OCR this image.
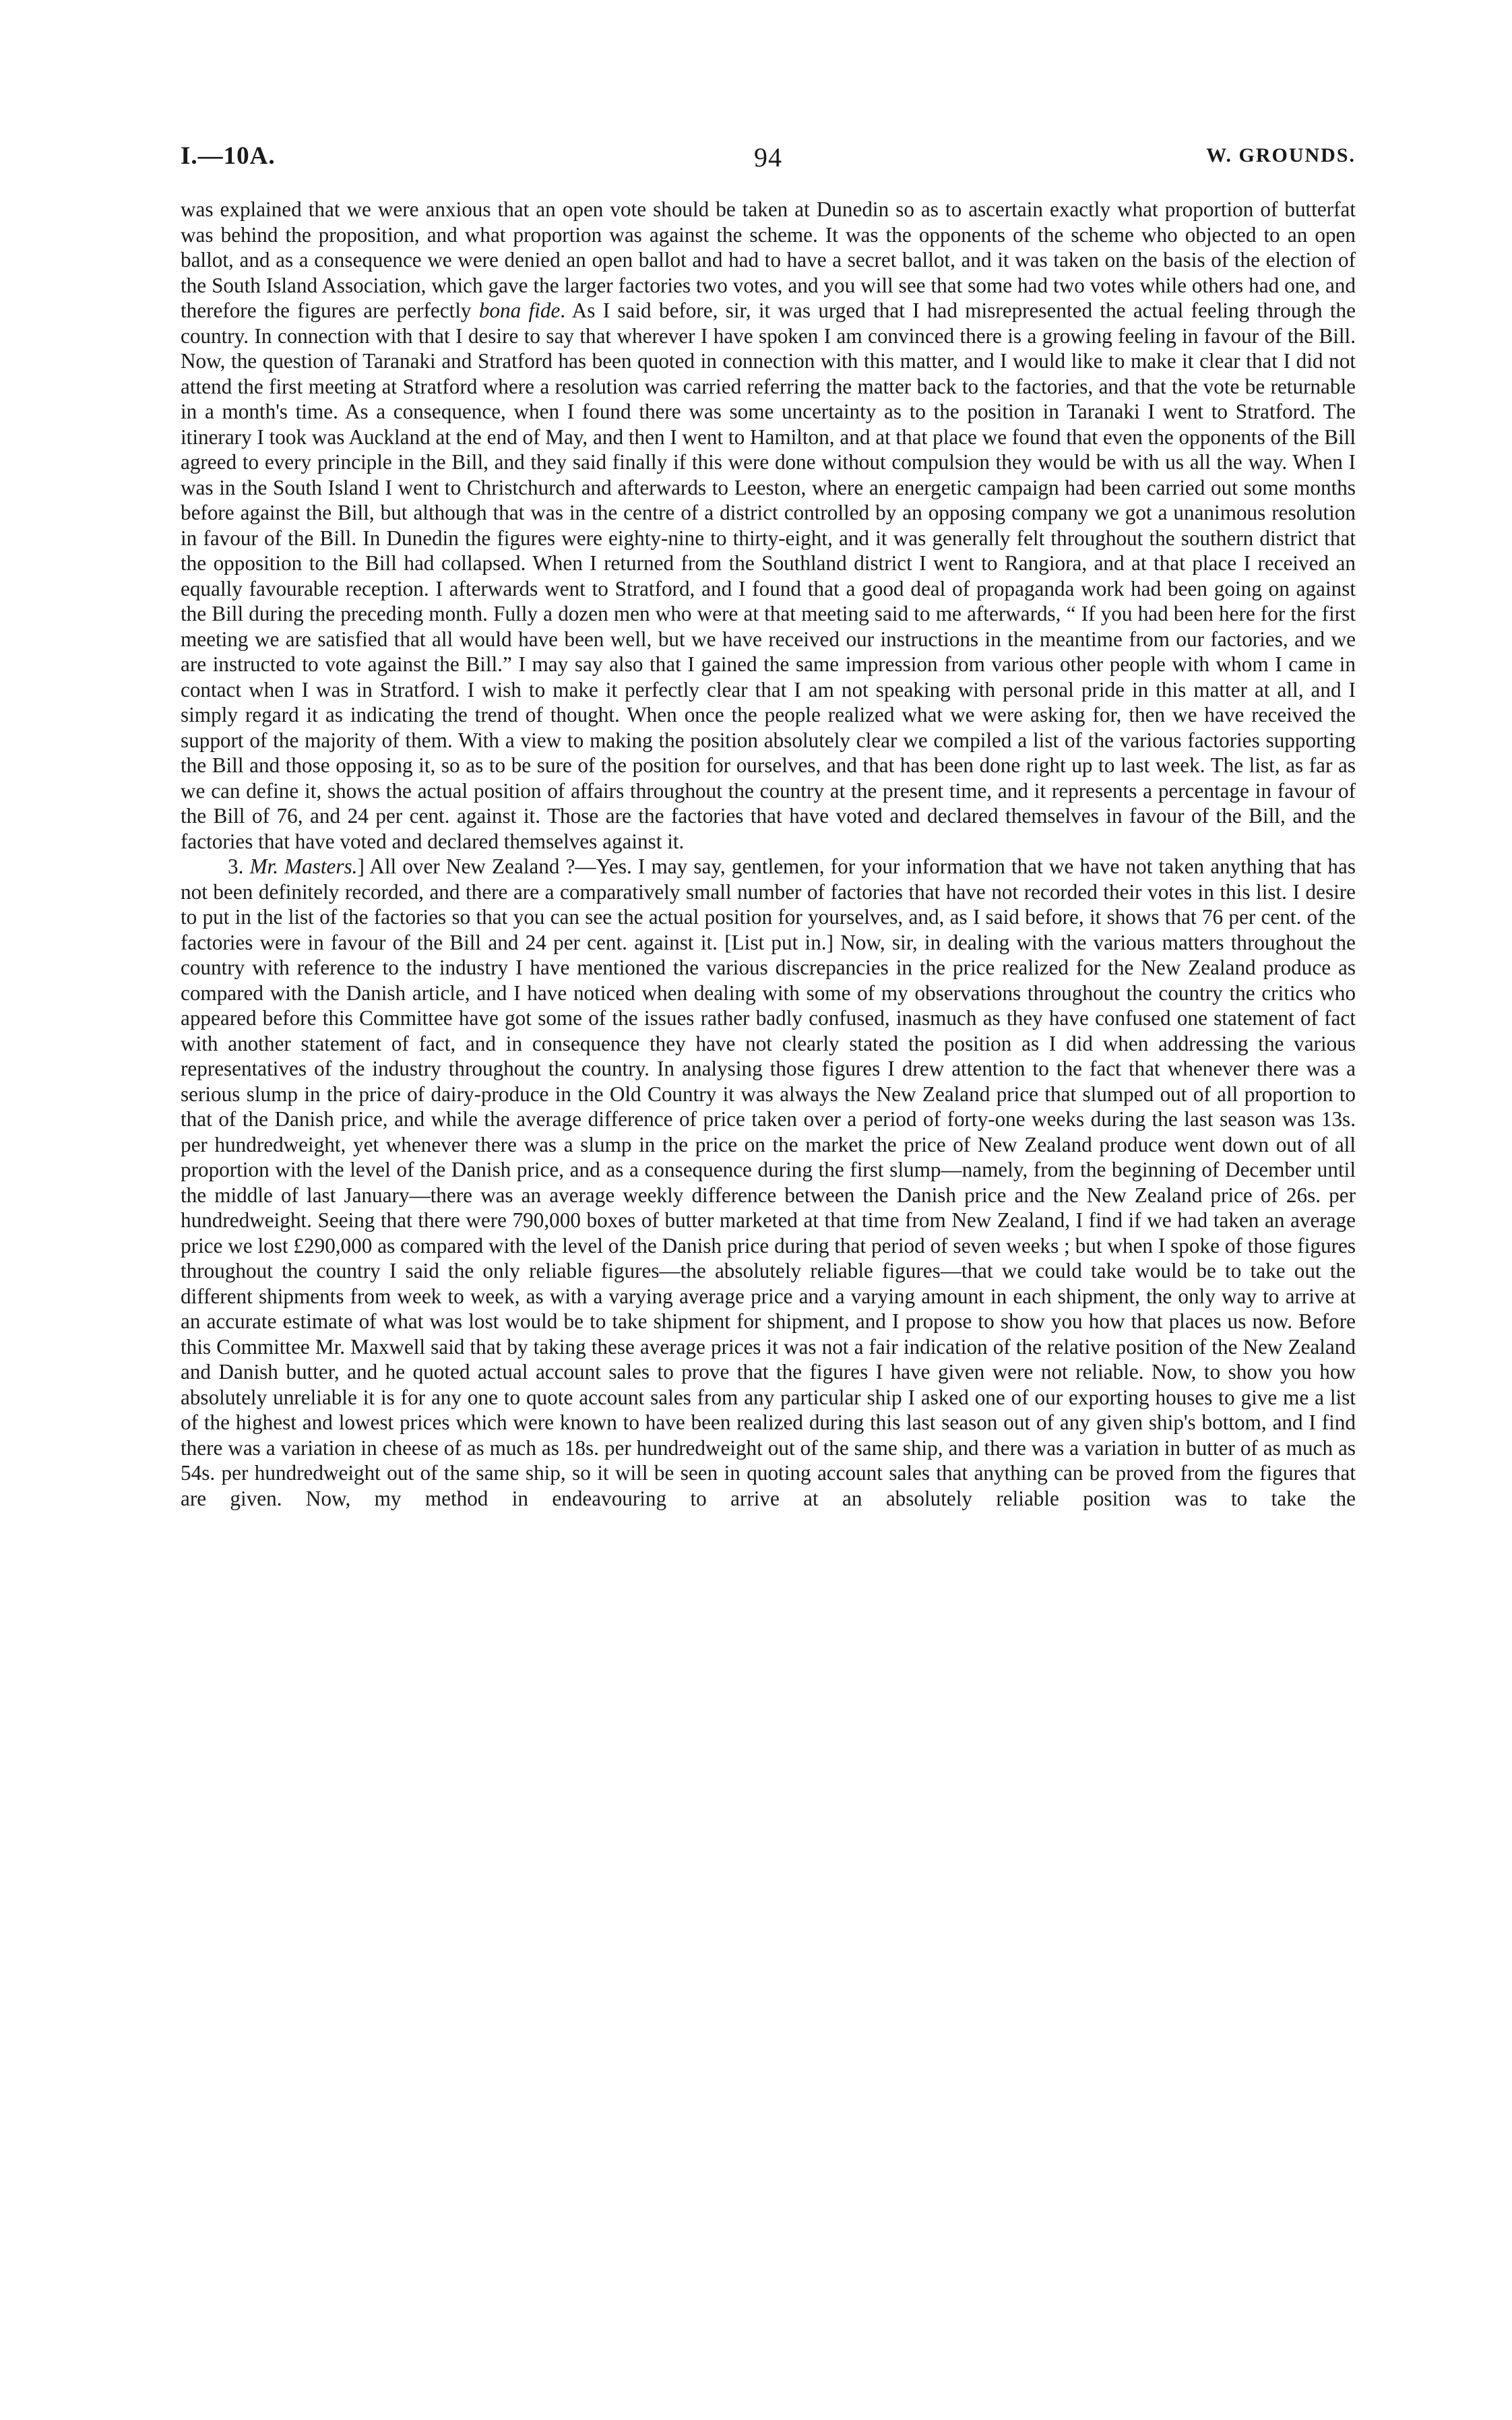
I.—10A.	94	W. GROUNDS.

was explained that we were anxious that an open vote should be taken at Dunedin so as to ascertain exactly what proportion of butterfat was behind the proposition, and what proportion was against the scheme. It was the opponents of the scheme who objected to an open ballot, and as a consequence we were denied an open ballot and had to have a secret ballot, and it was taken on the basis of the election of the South Island Association, which gave the larger factories two votes, and you will see that some had two votes while others had one, and therefore the figures are perfectly bona fide. As I said before, sir, it was urged that I had misrepresented the actual feeling through the country. In connection with that I desire to say that wherever I have spoken I am convinced there is a growing feeling in favour of the Bill. Now, the question of Taranaki and Stratford has been quoted in connection with this matter, and I would like to make it clear that I did not attend the first meeting at Stratford where a resolution was carried referring the matter back to the factories, and that the vote be returnable in a month's time. As a consequence, when I found there was some uncertainty as to the position in Taranaki I went to Stratford. The itinerary I took was Auckland at the end of May, and then I went to Hamilton, and at that place we found that even the opponents of the Bill agreed to every principle in the Bill, and they said finally if this were done without compulsion they would be with us all the way. When I was in the South Island I went to Christchurch and afterwards to Leeston, where an energetic campaign had been carried out some months before against the Bill, but although that was in the centre of a district controlled by an opposing company we got a unanimous resolution in favour of the Bill. In Dunedin the figures were eighty-nine to thirty-eight, and it was generally felt throughout the southern district that the opposition to the Bill had collapsed. When I returned from the Southland district I went to Rangiora, and at that place I received an equally favourable reception. I afterwards went to Stratford, and I found that a good deal of propaganda work had been going on against the Bill during the preceding month. Fully a dozen men who were at that meeting said to me afterwards, “ If you had been here for the first meeting we are satisfied that all would have been well, but we have received our instructions in the meantime from our factories, and we are instructed to vote against the Bill.” I may say also that I gained the same impression from various other people with whom I came in contact when I was in Stratford. I wish to make it perfectly clear that I am not speaking with personal pride in this matter at all, and I simply regard it as indicating the trend of thought. When once the people realized what we were asking for, then we have received the support of the majority of them. With a view to making the position absolutely clear we compiled a list of the various factories supporting the Bill and those opposing it, so as to be sure of the position for ourselves, and that has been done right up to last week. The list, as far as we can define it, shows the actual position of affairs throughout the country at the present time, and it represents a percentage in favour of the Bill of 76, and 24 per cent. against it. Those are the factories that have voted and declared themselves in favour of the Bill, and the factories that have voted and declared themselves against it.

3. Mr. Masters.] All over New Zealand ?—Yes. I may say, gentlemen, for your information that we have not taken anything that has not been definitely recorded, and there are a comparatively small number of factories that have not recorded their votes in this list. I desire to put in the list of the factories so that you can see the actual position for yourselves, and, as I said before, it shows that 76 per cent. of the factories were in favour of the Bill and 24 per cent. against it. [List put in.] Now, sir, in dealing with the various matters throughout the country with reference to the industry I have mentioned the various discrepancies in the price realized for the New Zealand produce as compared with the Danish article, and I have noticed when dealing with some of my observations throughout the country the critics who appeared before this Committee have got some of the issues rather badly confused, inasmuch as they have confused one statement of fact with another statement of fact, and in consequence they have not clearly stated the position as I did when addressing the various representatives of the industry throughout the country. In analysing those figures I drew attention to the fact that whenever there was a serious slump in the price of dairy-produce in the Old Country it was always the New Zealand price that slumped out of all proportion to that of the Danish price, and while the average difference of price taken over a period of forty-one weeks during the last season was 13s. per hundredweight, yet whenever there was a slump in the price on the market the price of New Zealand produce went down out of all proportion with the level of the Danish price, and as a consequence during the first slump—namely, from the beginning of December until the middle of last January—there was an average weekly difference between the Danish price and the New Zealand price of 26s. per hundredweight. Seeing that there were 790,000 boxes of butter marketed at that time from New Zealand, I find if we had taken an average price we lost £290,000 as compared with the level of the Danish price during that period of seven weeks ; but when I spoke of those figures throughout the country I said the only reliable figures—the absolutely reliable figures—that we could take would be to take out the different shipments from week to week, as with a varying average price and a varying amount in each shipment, the only way to arrive at an accurate estimate of what was lost would be to take shipment for shipment, and I propose to show you how that places us now. Before this Committee Mr. Maxwell said that by taking these average prices it was not a fair indication of the relative position of the New Zealand and Danish butter, and he quoted actual account sales to prove that the figures I have given were not reliable. Now, to show you how absolutely unreliable it is for any one to quote account sales from any particular ship I asked one of our exporting houses to give me a list of the highest and lowest prices which were known to have been realized during this last season out of any given ship's bottom, and I find there was a variation in cheese of as much as 18s. per hundredweight out of the same ship, and there was a variation in butter of as much as 54s. per hundredweight out of the same ship, so it will be seen in quoting account sales that anything can be proved from the figures that are given. Now, my method in endeavouring to arrive at an absolutely reliable position was to take the
